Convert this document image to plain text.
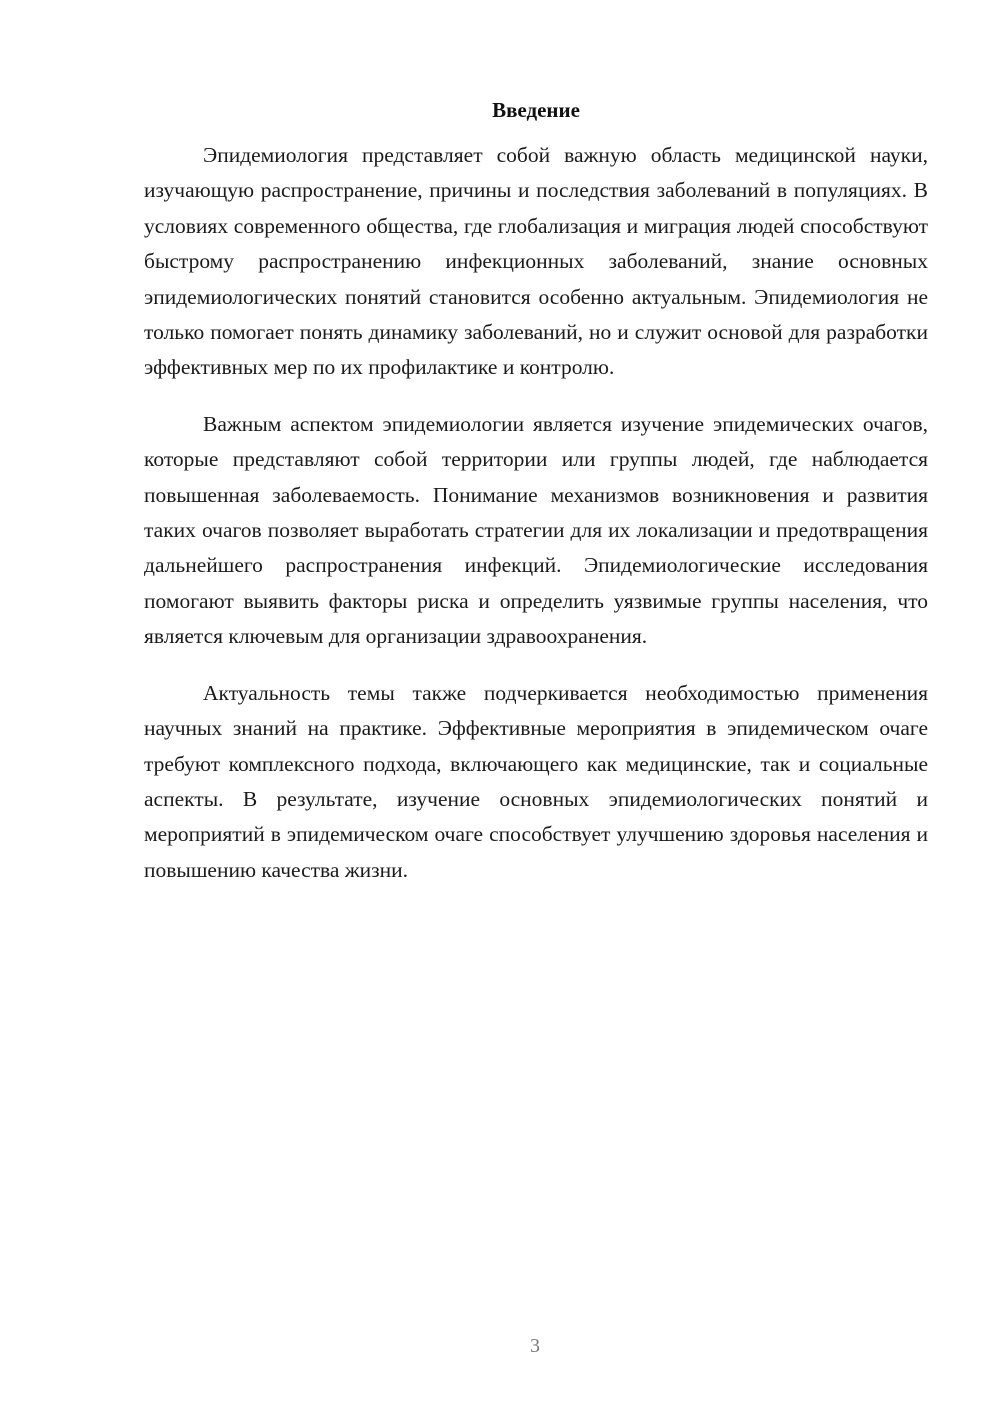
Введение

Эпидемиология представляет собой важную область медицинской науки, изучающую распространение, причины и последствия заболеваний в популяциях. В условиях современного общества, где глобализация и миграция людей способствуют быстрому распространению инфекционных заболеваний, знание основных эпидемиологических понятий становится особенно актуальным. Эпидемиология не только помогает понять динамику заболеваний, но и служит основой для разработки эффективных мер по их профилактике и контролю.

Важным аспектом эпидемиологии является изучение эпидемических очагов, которые представляют собой территории или группы людей, где наблюдается повышенная заболеваемость. Понимание механизмов возникновения и развития таких очагов позволяет выработать стратегии для их локализации и предотвращения дальнейшего распространения инфекций. Эпидемиологические исследования помогают выявить факторы риска и определить уязвимые группы населения, что является ключевым для организации здравоохранения.

Актуальность темы также подчеркивается необходимостью применения научных знаний на практике. Эффективные мероприятия в эпидемическом очаге требуют комплексного подхода, включающего как медицинские, так и социальные аспекты. В результате, изучение основных эпидемиологических понятий и мероприятий в эпидемическом очаге способствует улучшению здоровья населения и повышению качества жизни.

3
